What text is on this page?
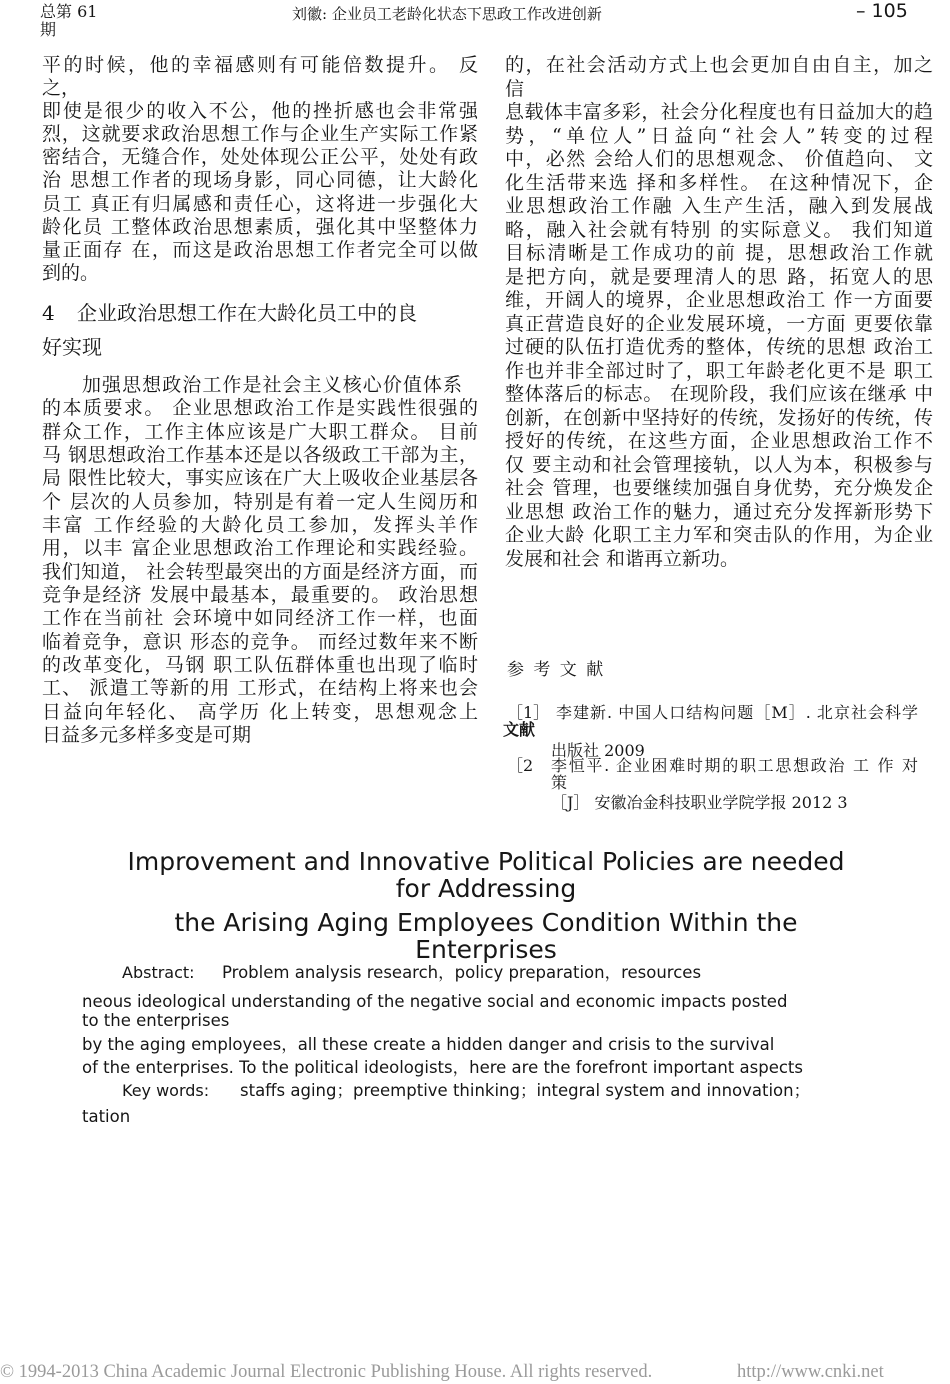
总第 61
期
刘徽: 企业员工老龄化状态下思政工作改进创新	– 105
平的时候，他的幸福感则有可能倍数提升。 反
之，
即使是很少的收入不公，他的挫折感也会非常强
烈，这就要求政治思想工作与企业生产实际工作紧
密结合，无缝合作，处处体现公正公平，处处有政
治 思想工作者的现场身影，同心同德，让大龄化
员工 真正有归属感和责任心，这将进一步强化大
龄化员 工整体政治思想素质，强化其中坚整体力
量正面存 在，而这是政治思想工作者完全可以做
到的。
4 企业政治思想工作在大龄化员工中的良
好实现
加强思想政治工作是社会主义核心价值体系
的本质要求。 企业思想政治工作是实践性很强的
群众工作，工作主体应该是广大职工群众。 目前
马 钢思想政治工作基本还是以各级政工干部为主，
局 限性比较大，事实应该在广大上吸收企业基层各
个 层次的人员参加，特别是有着一定人生阅历和
丰富 工作经验的大龄化员工参加，发挥头羊作
用，以丰 富企业思想政治工作理论和实践经验。
我们知道， 社会转型最突出的方面是经济方面，而
竞争是经济 发展中最基本，最重要的。 政治思想
工作在当前社 会环境中如同经济工作一样，也面
临着竞争，意识 形态的竞争。 而经过数年来不断
的改革变化，马钢 职工队伍群体重也出现了临时
工、 派遣工等新的用 工形式，在结构上将来也会
日益向年轻化、 高学历 化上转变，思想观念上
日益多元多样多变是可期
的，在社会活动方式上也会更加自由自主，加之
信
息载体丰富多彩，社会分化程度也有日益加大的趋
势，“单位人”日益向“社会人”转变的过程
中，必然 会给人们的思想观念、 价值趋向、 文
化生活带来选 择和多样性。 在这种情况下，企
业思想政治工作融 入生产生活，融入到发展战
略，融入社会就有特别 的实际意义。 我们知道
目标清晰是工作成功的前 提，思想政治工作就
是把方向，就是要理清人的思 路，拓宽人的思
维，开阔人的境界，企业思想政治工 作一方面要
真正营造良好的企业发展环境，一方面 更要依靠
过硬的队伍打造优秀的整体，传统的思想 政治工
作也并非全部过时了，职工年龄老化更不是 职工
整体落后的标志。 在现阶段，我们应该在继承 中
创新，在创新中坚持好的传统，发扬好的传统，传
授好的传统，在这些方面，企业思想政治工作不
仅 要主动和社会管理接轨，以人为本，积极参与
社会 管理，也要继续加强自身优势，充分焕发企
业思想 政治工作的魅力，通过充分发挥新形势下
企业大龄 化职工主力军和突击队的作用，为企业
发展和社会 和谐再立新功。
参 考 文 献
［1］ 李建新. 中国人口结构问题［M］. 北京社会科学
文献
出版社 2009
［2 李恒平. 企业困难时期的职工思想政治 工 作 对
策
［J］ 安徽冶金科技职业学院学报 2012 3
Improvement and Innovative Political Policies are needed
for Addressing
the Arising Aging Employees Condition Within the
Enterprises
Abstract: Problem analysis research，policy preparation，resources
neous ideological understanding of the negative social and economic impacts posted
to the enterprises
by the aging employees，all these create a hidden danger and crisis to the survival
of the enterprises. To the political ideologists，here are the forefront important aspects
Key words: staffs aging；preemptive thinking；integral system and innovation；
tation
© 1994-2013 China Academic Journal Electronic Publishing House. All rights reserved.	http://www.cnki.net
